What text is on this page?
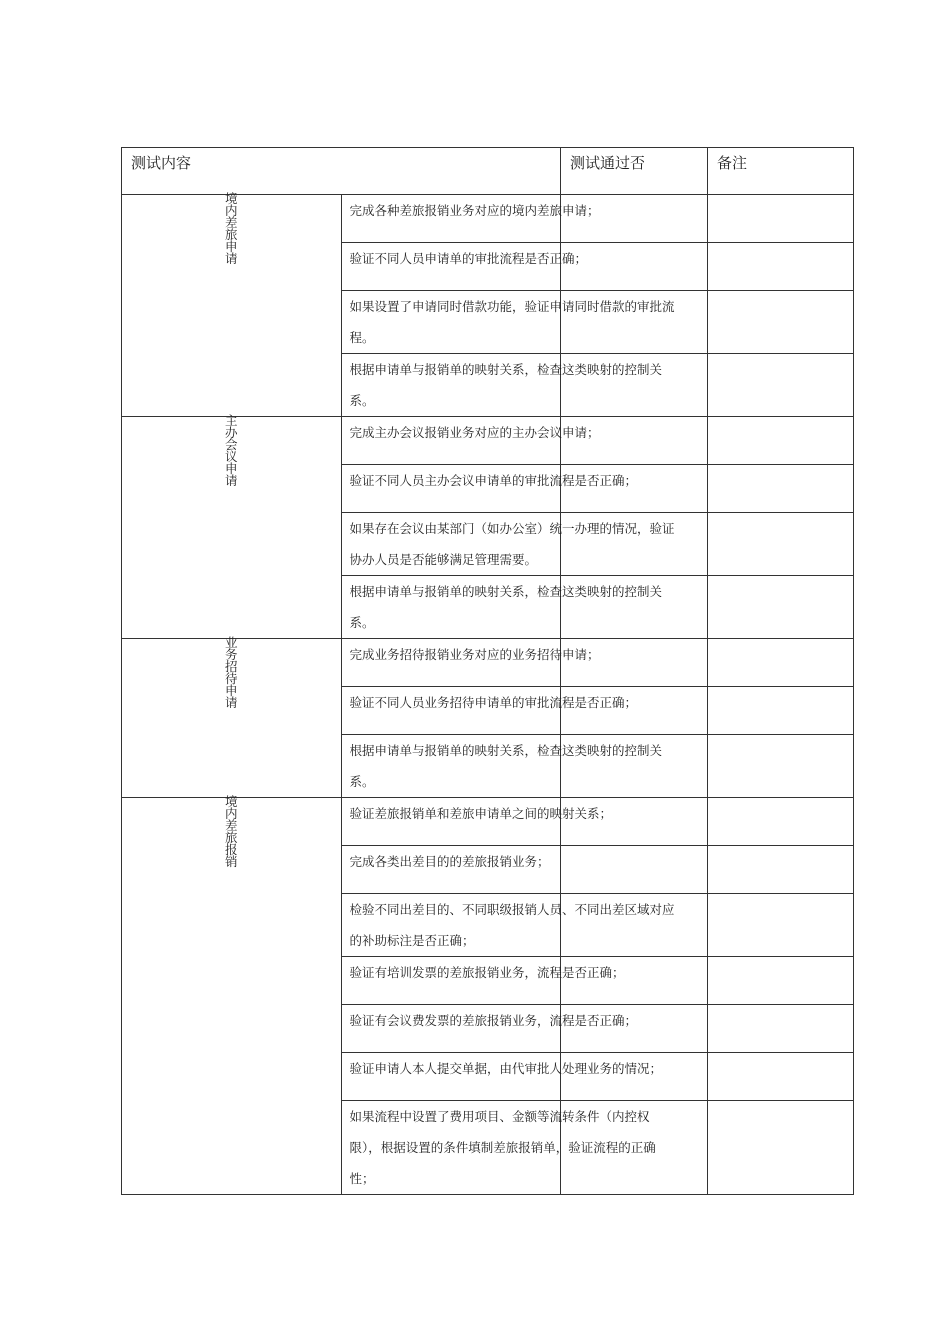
测试内容		测试通过否	备注

境内差旅申请	完成各种差旅报销业务对应的境内差旅申请；		

	验证不同人员申请单的审批流程是否正确；		

	如果设置了申请同时借款功能，验证申请同时借款的审批流程。		

	根据申请单与报销单的映射关系，检查这类映射的控制关系。		

主办会议申请	完成主办会议报销业务对应的主办会议申请；		

	验证不同人员主办会议申请单的审批流程是否正确；		

	如果存在会议由某部门（如办公室）统一办理的情况，验证协办人员是否能够满足管理需要。		

	根据申请单与报销单的映射关系，检查这类映射的控制关系。		

业务招待申请	完成业务招待报销业务对应的业务招待申请；		

	验证不同人员业务招待申请单的审批流程是否正确；		

	根据申请单与报销单的映射关系，检查这类映射的控制关系。		

境内差旅报销	验证差旅报销单和差旅申请单之间的映射关系；		

	完成各类出差目的的差旅报销业务；		

	检验不同出差目的、不同职级报销人员、不同出差区域对应的补助标注是否正确；		

	验证有培训发票的差旅报销业务，流程是否正确；		

	验证有会议费发票的差旅报销业务，流程是否正确；		

	验证申请人本人提交单据，由代审批人处理业务的情况；		

	如果流程中设置了费用项目、金额等流转条件（内控权限），根据设置的条件填制差旅报销单，验证流程的正确性；		
